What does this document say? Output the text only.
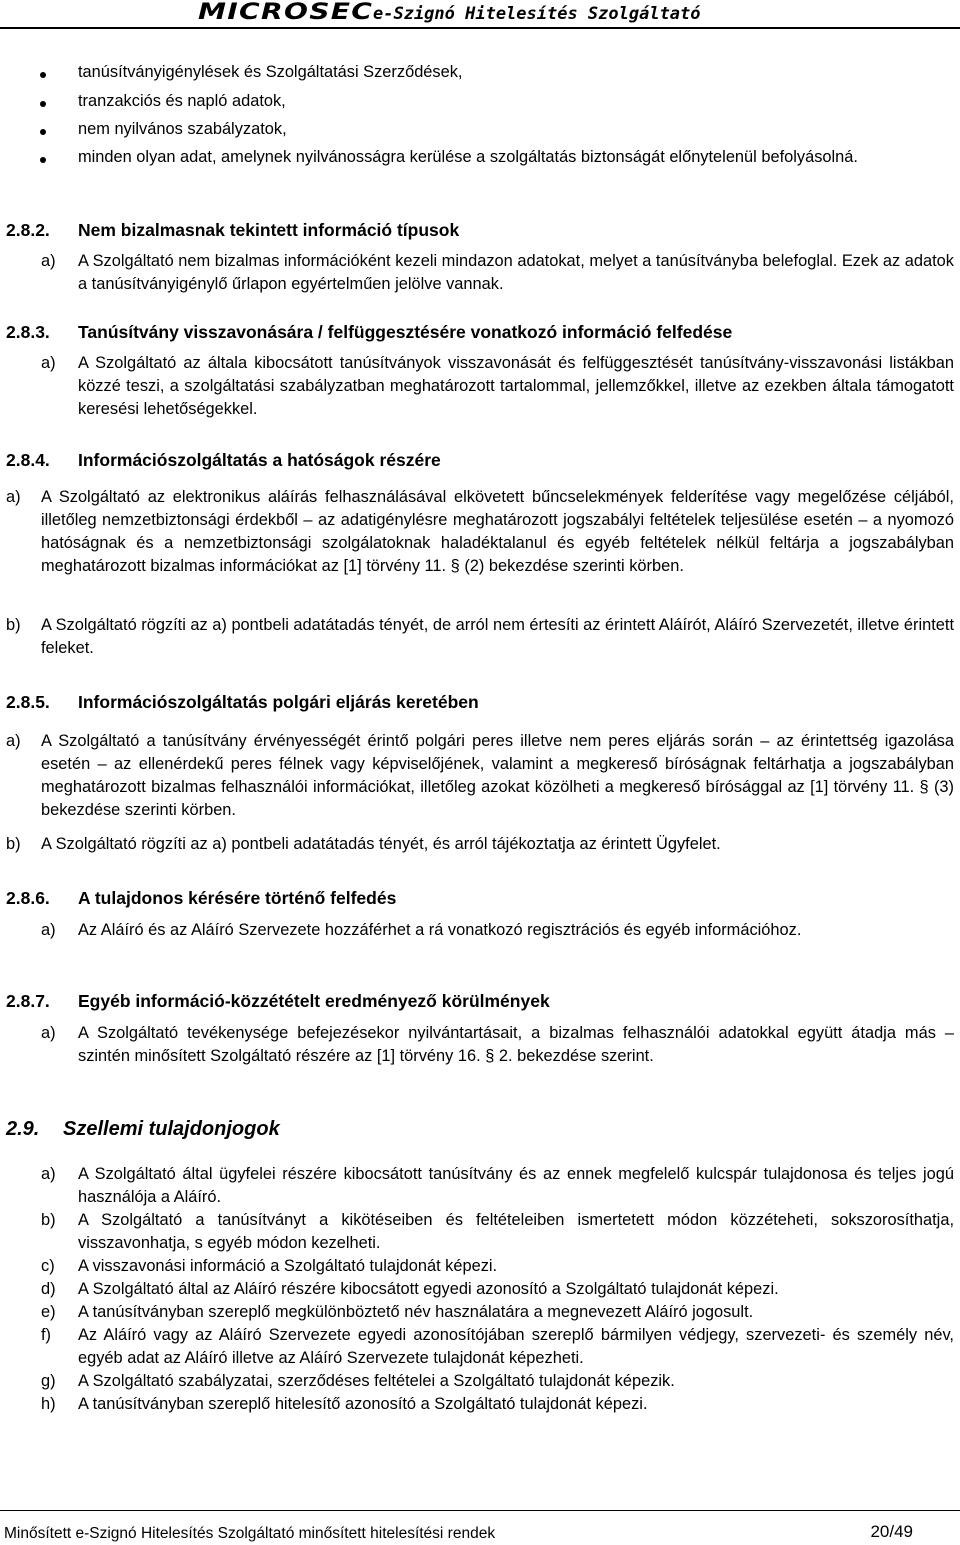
MICROSEC e-Szignó Hitelesítés Szolgáltató
tanúsítványigénylések és Szolgáltatási Szerződések,
tranzakciós és napló adatok,
nem nyilvános szabályzatok,

minden olyan adat, amelynek nyilvánosságra kerülése a szolgáltatás biztonságát előnytelenül befolyásolná.

2.8.2. Nem bizalmasnak tekintett információ típusok
a) A Szolgáltató nem bizalmas információként kezeli mindazon adatokat, melyet a tanúsítványba belefoglal. Ezek az adatok a tanúsítványigénylő űrlapon egyértelműen jelölve vannak.

2.8.3. Tanúsítvány visszavonására / felfüggesztésére vonatkozó információ felfedése
a) A Szolgáltató az általa kibocsátott tanúsítványok visszavonását és felfüggesztését tanúsítvány-visszavonási listákban közzé teszi, a szolgáltatási szabályzatban meghatározott tartalommal, jellemzőkkel, illetve az ezekben általa támogatott keresési lehetőségekkel.

2.8.4. Információszolgáltatás a hatóságok részére
a) A Szolgáltató az elektronikus aláírás felhasználásával elkövetett bűncselekmények felderítése vagy megelőzése céljából, illetőleg nemzetbiztonsági érdekből – az adatigénylésre meghatározott jogszabályi feltételek teljesülése esetén – a nyomozó hatóságnak és a nemzetbiztonsági szolgálatoknak haladéktalanul és egyéb feltételek nélkül feltárja a jogszabályban meghatározott bizalmas információkat az [1] törvény 11. § (2) bekezdése szerinti körben.

b) A Szolgáltató rögzíti az a) pontbeli adatátadás tényét, de arról nem értesíti az érintett Aláírót, Aláíró Szervezetét, illetve érintett feleket.

2.8.5. Információszolgáltatás polgári eljárás keretében
a) A Szolgáltató a tanúsítvány érvényességét érintő polgári peres illetve nem peres eljárás során – az érintettség igazolása esetén – az ellenérdekű peres félnek vagy képviselőjének, valamint a megkereső bíróságnak feltárhatja a jogszabályban meghatározott bizalmas felhasználói információkat, illetőleg azokat közölheti a megkereső bírósággal az [1] törvény 11. § (3) bekezdése szerinti körben.

b) A Szolgáltató rögzíti az a) pontbeli adatátadás tényét, és arról tájékoztatja az érintett Ügyfelet.

2.8.6. A tulajdonos kérésére történő felfedés
a) Az Aláíró és az Aláíró Szervezete hozzáférhet a rá vonatkozó regisztrációs és egyéb információhoz.

2.8.7. Egyéb információ-közzétételt eredményező körülmények
a) A Szolgáltató tevékenysége befejezésekor nyilvántartásait, a bizalmas felhasználói adatokkal együtt átadja más – szintén minősített Szolgáltató részére az [1] törvény 16. § 2. bekezdése szerint.

2.9. Szellemi tulajdonjogok
a) A Szolgáltató által ügyfelei részére kibocsátott tanúsítvány és az ennek megfelelő kulcspár tulajdonosa és teljes jogú használója a Aláíró.

b) A Szolgáltató a tanúsítványt a kikötéseiben és feltételeiben ismertetett módon közzéteheti, sokszorosíthatja, visszavonhatja, s egyéb módon kezelheti.

c) A visszavonási információ a Szolgáltató tulajdonát képezi.

d) A Szolgáltató által az Aláíró részére kibocsátott egyedi azonosító a Szolgáltató tulajdonát képezi.

e) A tanúsítványban szereplő megkülönböztető név használatára a megnevezett Aláíró jogosult.

f) Az Aláíró vagy az Aláíró Szervezete egyedi azonosítójában szereplő bármilyen védjegy, szervezeti- és személy név, egyéb adat az Aláíró illetve az Aláíró Szervezete tulajdonát képezheti.

g) A Szolgáltató szabályzatai, szerződéses feltételei a Szolgáltató tulajdonát képezik.

h) A tanúsítványban szereplő hitelesítő azonosító a Szolgáltató tulajdonát képezi.

Minősített e-Szignó Hitelesítés Szolgáltató minősített hitelesítési rendek	20/49
